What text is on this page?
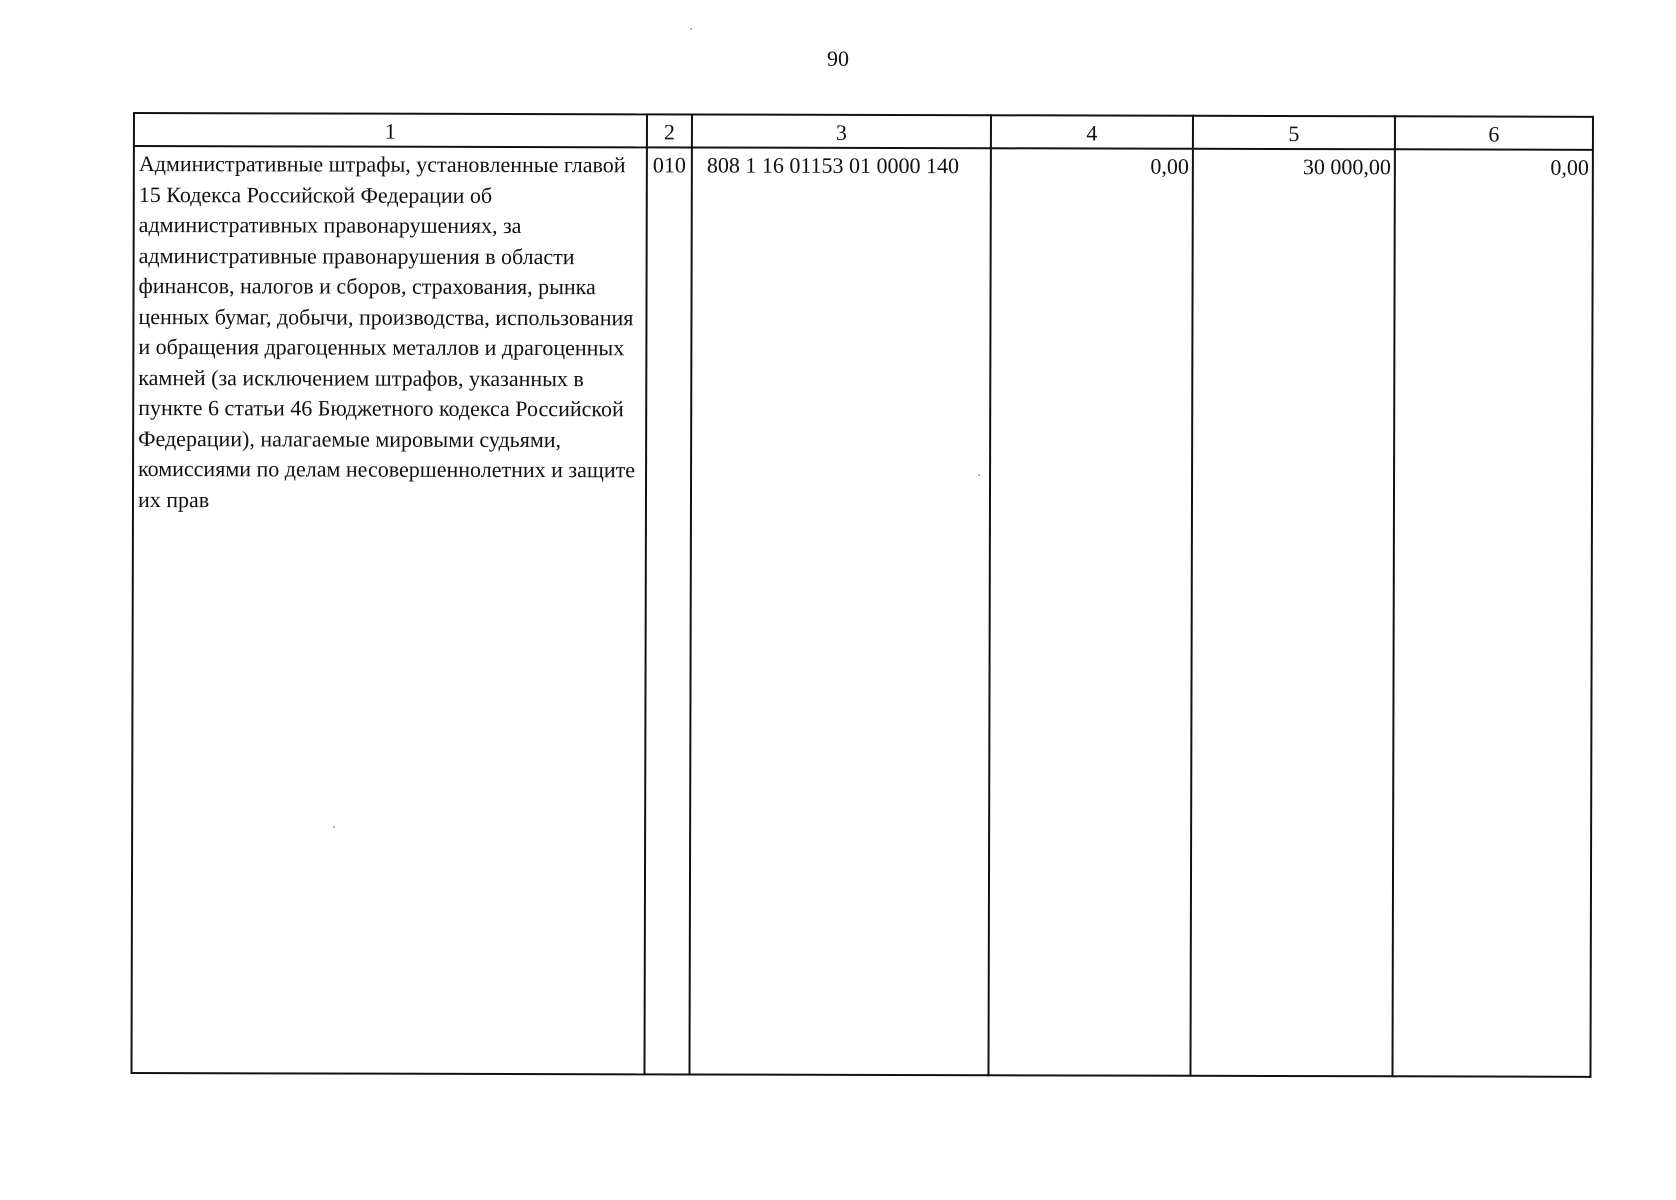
90
1	2	3	4	5	6
Административные штрафы, установленные главой 15 Кодекса Российской Федерации об административных правонарушениях, за административные правонарушения в области финансов, налогов и сборов, страхования, рынка ценных бумаг, добычи, производства, использования и обращения драгоценных металлов и драгоценных камней (за исключением штрафов, указанных в пункте 6 статьи 46 Бюджетного кодекса Российской Федерации), налагаемые мировыми судьями, комиссиями по делам несовершеннолетних и защите их прав	010	808 1 16 01153 01 0000 140	0,00	30 000,00	0,00
